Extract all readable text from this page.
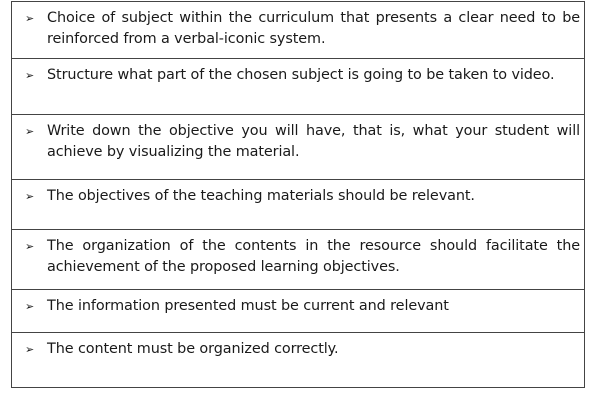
➢ Choice of subject within the curriculum that presents a clear need to be reinforced from a verbal-iconic system.

➢ Structure what part of the chosen subject is going to be taken to video.

➢ Write down the objective you will have, that is, what your student will achieve by visualizing the material.

➢ The objectives of the teaching materials should be relevant.

➢ The organization of the contents in the resource should facilitate the achievement of the proposed learning objectives.

➢ The information presented must be current and relevant

➢ The content must be organized correctly.
